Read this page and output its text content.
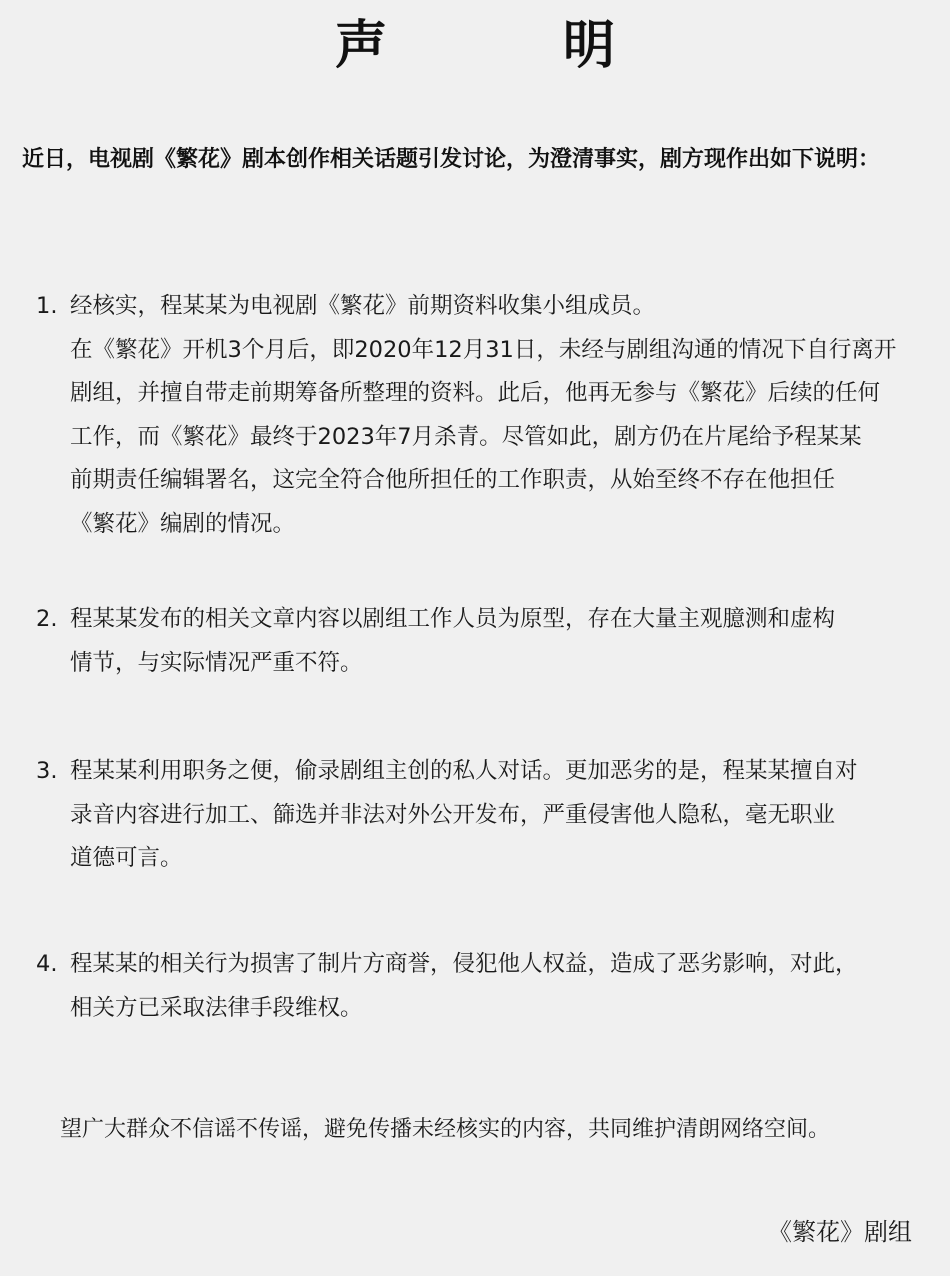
声　明
近日，电视剧《繁花》剧本创作相关话题引发讨论，为澄清事实，剧方现作出如下说明：
1. 经核实，程某某为电视剧《繁花》前期资料收集小组成员。
在《繁花》开机3个月后，即2020年12月31日，未经与剧组沟通的情况下自行离开
剧组，并擅自带走前期筹备所整理的资料。此后，他再无参与《繁花》后续的任何
工作，而《繁花》最终于2023年7月杀青。尽管如此，剧方仍在片尾给予程某某
前期责任编辑署名，这完全符合他所担任的工作职责，从始至终不存在他担任
《繁花》编剧的情况。
2. 程某某发布的相关文章内容以剧组工作人员为原型，存在大量主观臆测和虚构
情节，与实际情况严重不符。
3. 程某某利用职务之便，偷录剧组主创的私人对话。更加恶劣的是，程某某擅自对
录音内容进行加工、篩选并非法对外公开发布，严重侵害他人隐私，毫无职业
道德可言。
4. 程某某的相关行为损害了制片方商誉，侵犯他人权益，造成了恶劣影响，对此，
相关方已采取法律手段维权。
望广大群众不信谣不传谣，避免传播未经核实的内容，共同维护清朗网络空间。
《繁花》剧组
